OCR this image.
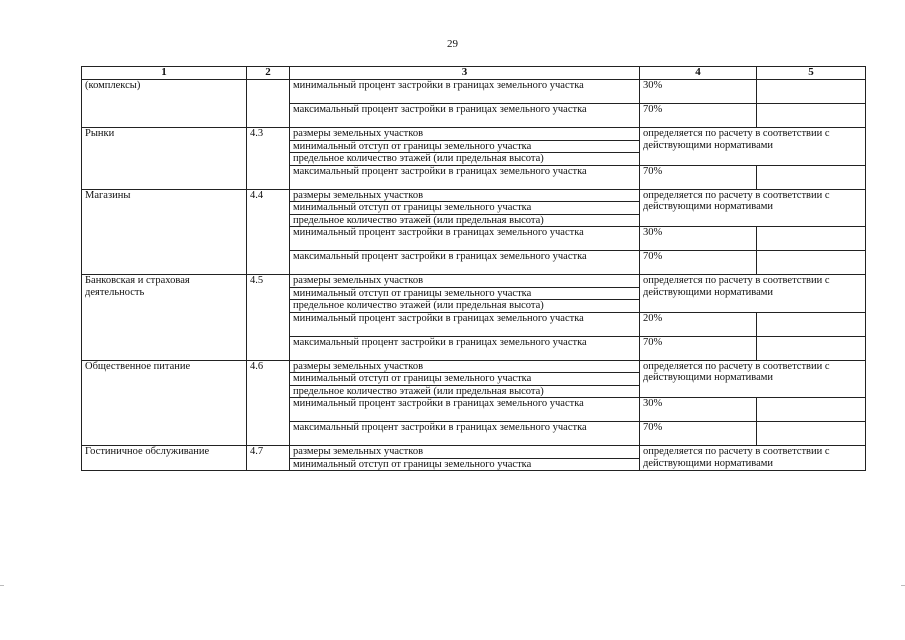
29
1	2	3	4	5
(комплексы)		минимальный процент застройки в границах земельного участка	30%	
		максимальный процент застройки в границах земельного участка	70%	
Рынки	4.3	размеры земельных участков	определяется по расчету в соответствии с действующими нормативами	
		минимальный отступ от границы земельного участка		
		предельное количество этажей (или предельная высота)		
		максимальный процент застройки в границах земельного участка	70%	
Магазины	4.4	размеры земельных участков	определяется по расчету в соответствии с действующими нормативами	
		минимальный отступ от границы земельного участка		
		предельное количество этажей (или предельная высота)		
		минимальный процент застройки в границах земельного участка	30%	
		максимальный процент застройки в границах земельного участка	70%	
Банковская и страховая деятельность	4.5	размеры земельных участков	определяется по расчету в соответствии с действующими нормативами	
		минимальный отступ от границы земельного участка		
		предельное количество этажей (или предельная высота)		
		минимальный процент застройки в границах земельного участка	20%	
		максимальный процент застройки в границах земельного участка	70%	
Общественное питание	4.6	размеры земельных участков	определяется по расчету в соответствии с действующими нормативами	
		минимальный отступ от границы земельного участка		
		предельное количество этажей (или предельная высота)		
		минимальный процент застройки в границах земельного участка	30%	
		максимальный процент застройки в границах земельного участка	70%	
Гостиничное обслуживание	4.7	размеры земельных участков	определяется по расчету в соответствии с действующими нормативами	
		минимальный отступ от границы земельного участка		
